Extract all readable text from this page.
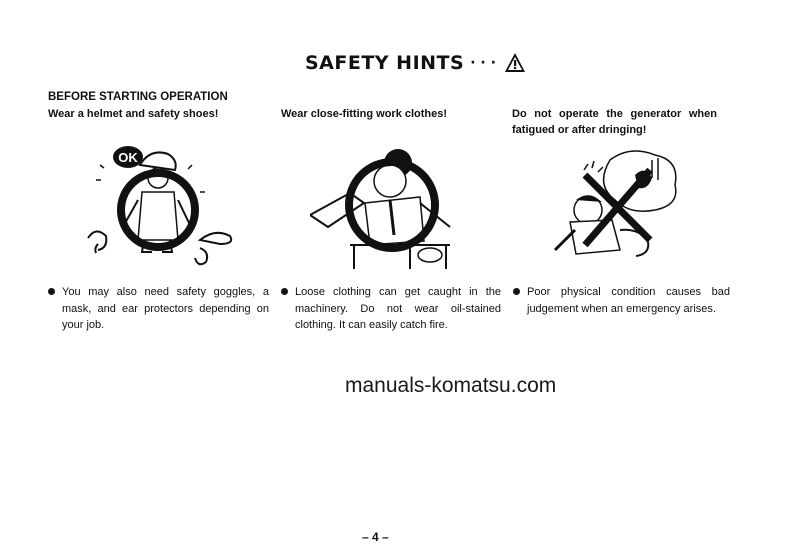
SAFETY HINTS · · ·
BEFORE STARTING OPERATION
Wear a helmet and safety shoes!	Wear close-fitting work clothes!	Do not operate the generator when fatigued or after dringing!
OK
You may also need safety goggles, a mask, and ear protectors depending on your job.
Loose clothing can get caught in the machinery. Do not wear oil-stained clothing. It can easily catch fire.
Poor physical condition causes bad judgement when an emergency arises.
manuals-komatsu.com
– 4 –
